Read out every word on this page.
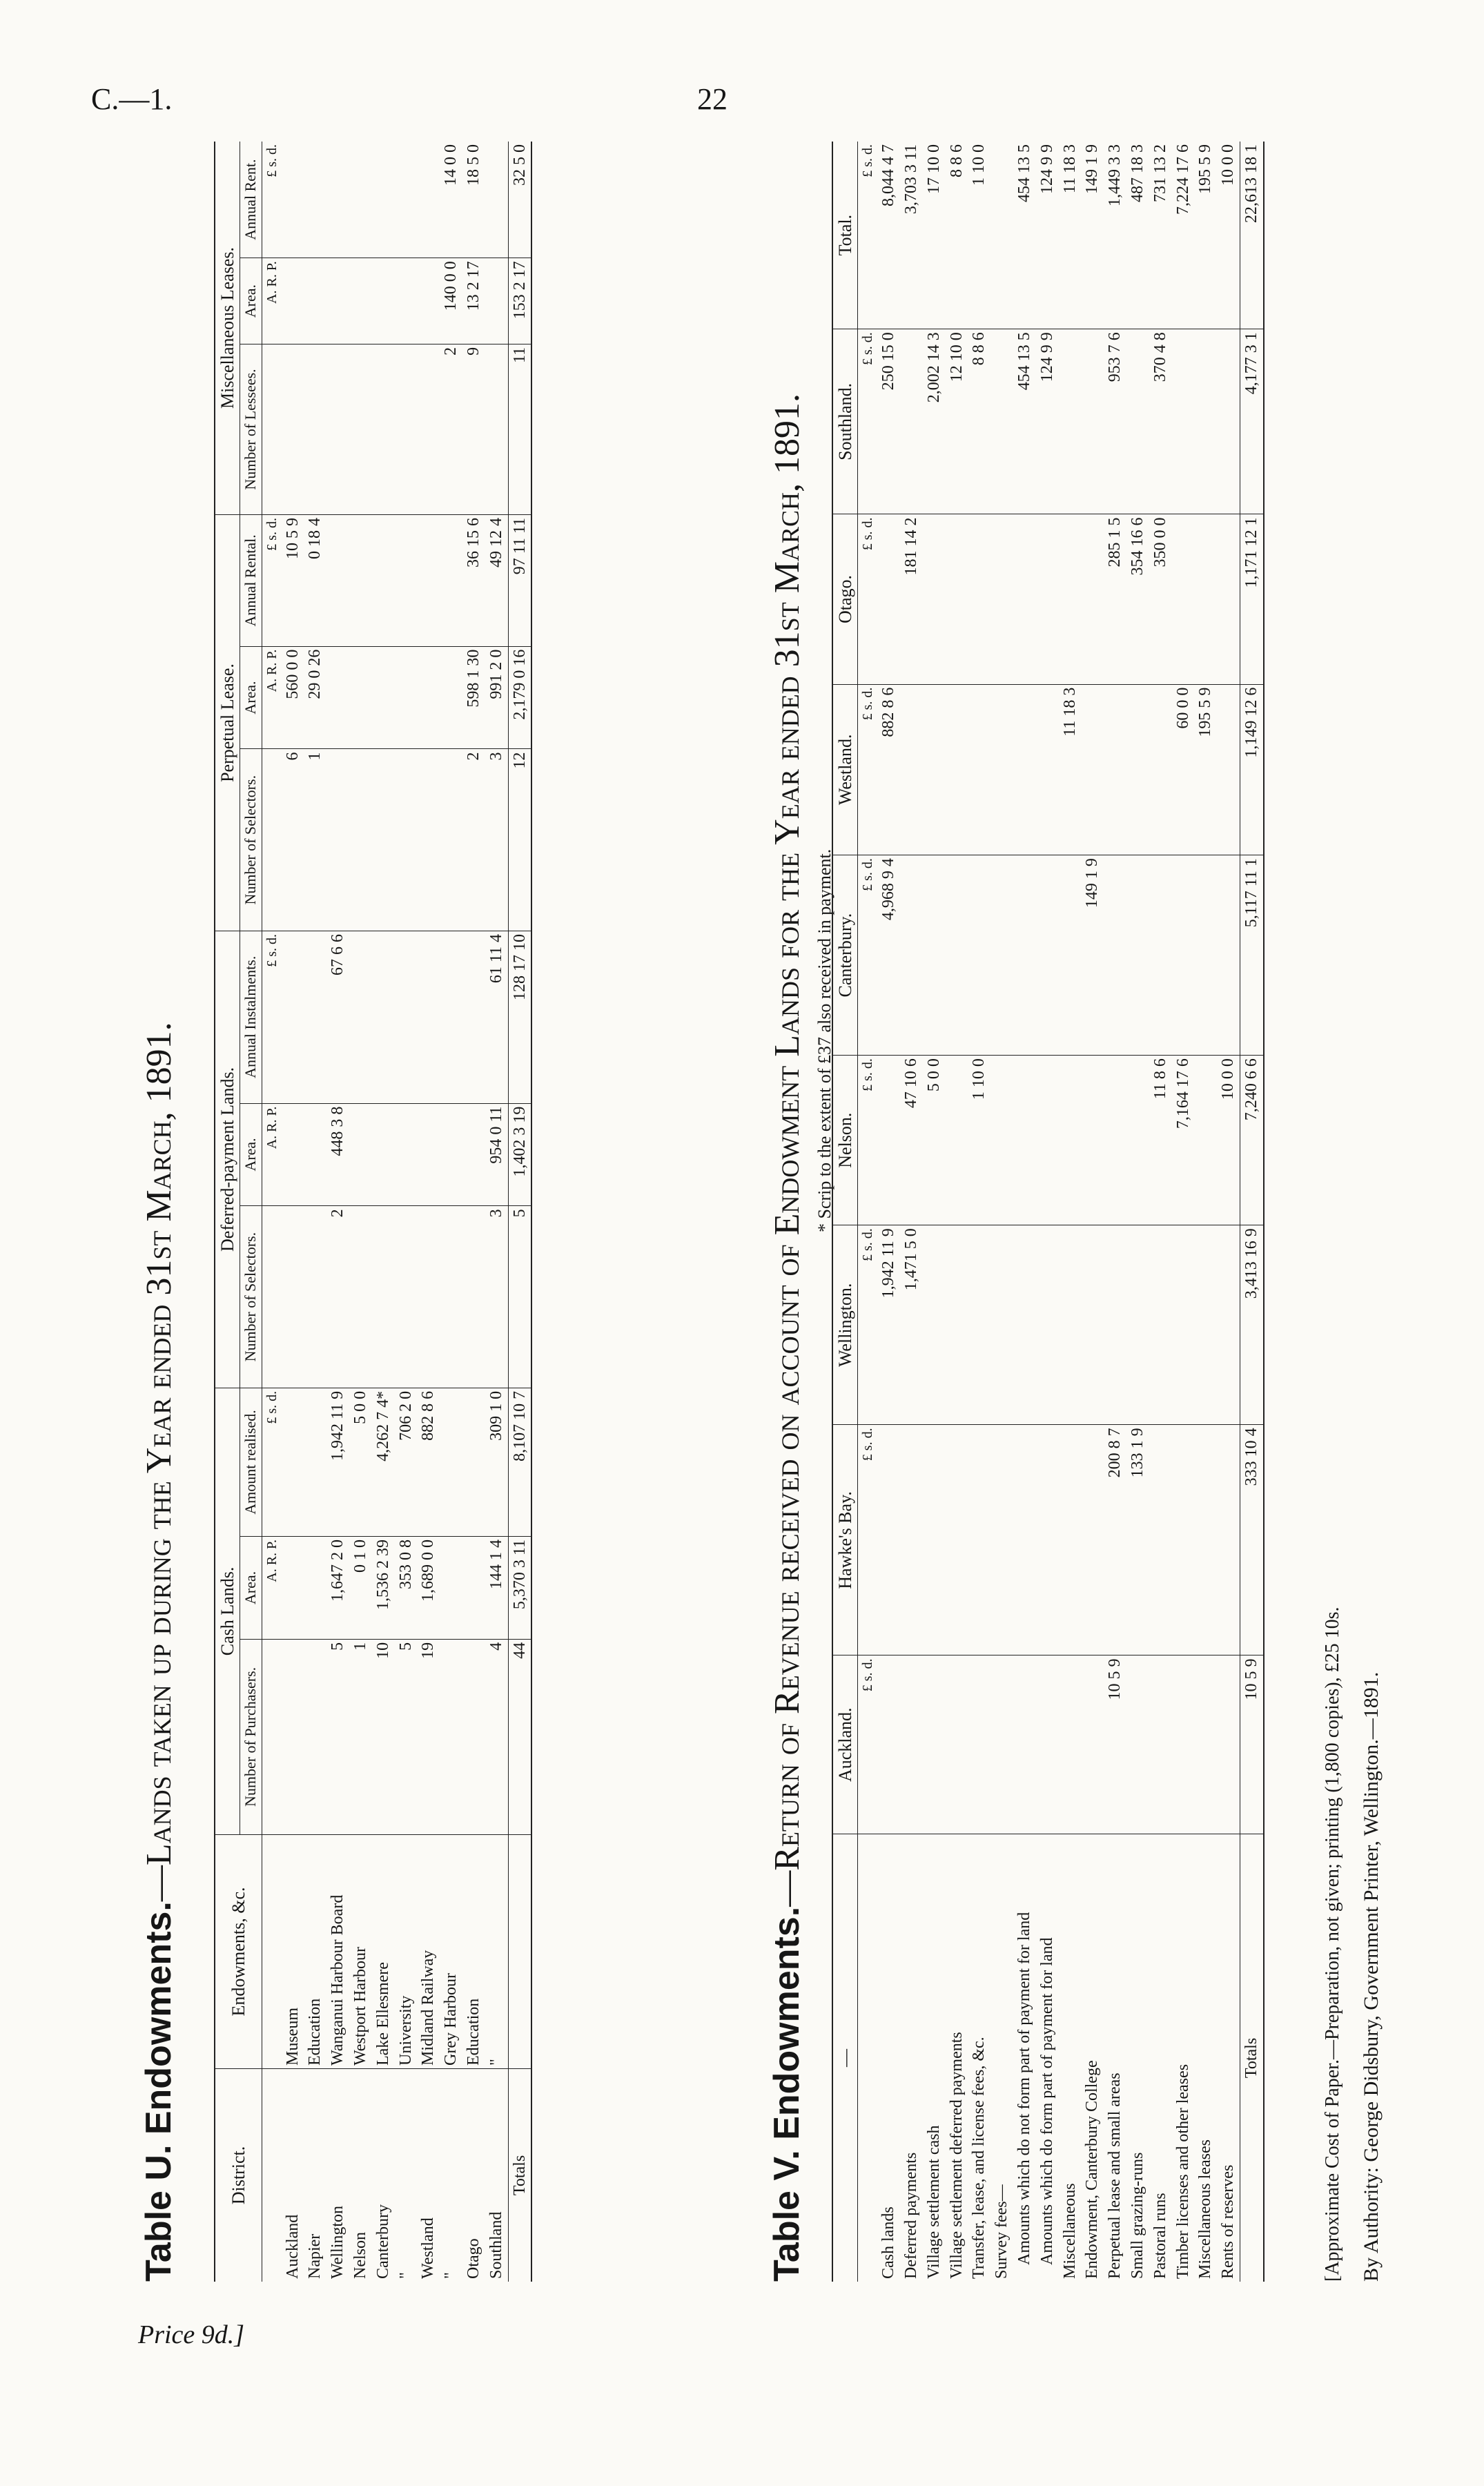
C.—1.	22
Price 9d.]
Table U. Endowments.—Lands taken up during the Year ended 31st March, 1891.
District.	Endowments, &c.	Cash Lands.			Deferred-payment Lands.			Perpetual Lease.			Miscellaneous Leases.		
		Number of Purchasers.	Area.	Amount realised.	Number of Selectors.	Area.	Annual Instalments.	Number of Selectors.	Area.	Annual Rental.	Number of Lessees.	Area.	Annual Rent.
			A. R. P.	£ s. d.		A. R. P.	£ s. d.		A. R. P.	£ s. d.		A. R. P.	£ s. d.
Auckland	Museum							6	560 0 0	10 5 9			
Napier	Education							1	29 0 26	0 18 4			
Wellington	Wanganui Harbour Board	5	1,647 2 0	1,942 11 9	2	448 3 8	67 6 6						
Nelson	Westport Harbour	1	0 1 0	5 0 0									
Canterbury	Lake Ellesmere	10	1,536 2 39	4,262 7 4*									
"	University	5	353 0 8	706 2 0									
Westland	Midland Railway	19	1,689 0 0	882 8 6									
"	Grey Harbour										2	140 0 0	14 0 0
Otago	Education							2	598 1 30	36 15 6	9	13 2 17	18 5 0
Southland	"	4	144 1 4	309 1 0	3	954 0 11	61 11 4	3	991 2 0	49 12 4			
Totals		44	5,370 3 11	8,107 10 7	5	1,402 3 19	128 17 10	12	2,179 0 16	97 11 11	11	153 2 17	32 5 0
* Scrip to the extent of £37 also received in payment.
Table V. Endowments.—Return of Revenue received on account of Endowment Lands for the Year ended 31st March, 1891.
—	Auckland.	Hawke's Bay.	Wellington.	Nelson.	Canterbury.	Westland.	Otago.	Southland.	Total.
	£ s. d.	£ s. d.	£ s. d.	£ s. d.	£ s. d.	£ s. d.	£ s. d.	£ s. d.	£ s. d.
Cash lands			1,942 11 9		4,968 9 4	882 8 6		250 15 0	8,044 4 7
Deferred payments			1,471 5 0	47 10 6			181 14 2		3,703 3 11
Village settlement cash				5 0 0				2,002 14 3	17 10 0
Village settlement deferred payments								12 10 0	8 8 6
Transfer, lease, and license fees, &c.				1 10 0				8 8 6	1 10 0
Survey fees—									
Amounts which do not form part of payment for land								454 13 5	454 13 5
Amounts which do form part of payment for land								124 9 9	124 9 9
Miscellaneous						11 18 3			11 18 3
Endowment, Canterbury College					149 1 9				149 1 9
Perpetual lease and small areas	10 5 9	200 8 7					285 1 5	953 7 6	1,449 3 3
Small grazing-runs		133 1 9					354 16 6		487 18 3
Pastoral runs				11 8 6			350 0 0	370 4 8	731 13 2
Timber licenses and other leases				7,164 17 6		60 0 0			7,224 17 6
Miscellaneous leases						195 5 9			195 5 9
Rents of reserves				10 0 0					10 0 0
Totals	10 5 9	333 10 4	3,413 16 9	7,240 6 6	5,117 11 1	1,149 12 6	1,171 12 1	4,177 3 1	22,613 18 1
[Approximate Cost of Paper.—Preparation, not given; printing (1,800 copies), £25 10s. By Authority: George Didsbury, Government Printer, Wellington.—1891.
